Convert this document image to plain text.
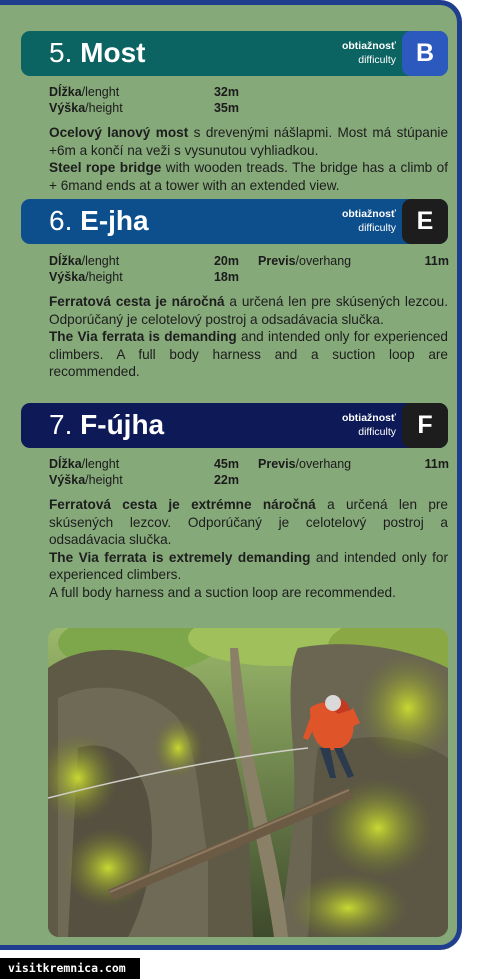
5. Most	obtiažnosť
difficulty B
Dĺžka/lenght	32m
Výška/height	35m

Ocelový lanový most s drevenými nášlapmi. Most má stúpanie +6m a končí na veži s vysunutou vyhliadkou.

Steel rope bridge with wooden treads. The bridge has a climb of + 6mand ends at a tower with an extended view.

6. E-jha	obtiažnosť
difficulty E
Dĺžka/lenght	20m Previs/overhang	11m
Výška/height	18m

Ferratová cesta je náročná a určená len pre skúsených lezcou. Odporúčaný je celotelový postroj a odsadávacia slučka.

The Via ferrata is demanding and intended only for experienced climbers. A full body harness and a suction loop are recommended.

7. F-újha	obtiažnosť
difficulty F
Dĺžka/lenght	45m Previs/overhang	11m
Výška/height	22m

Ferratová cesta je extrémne náročná a určená len pre skúsených lezcov. Odporúčaný je celotelový postroj a odsadávacia slučka.

The Via ferrata is extremely demanding and intended only for experienced climbers.

A full body harness and a suction loop are recommended.

visitkremnica.com
